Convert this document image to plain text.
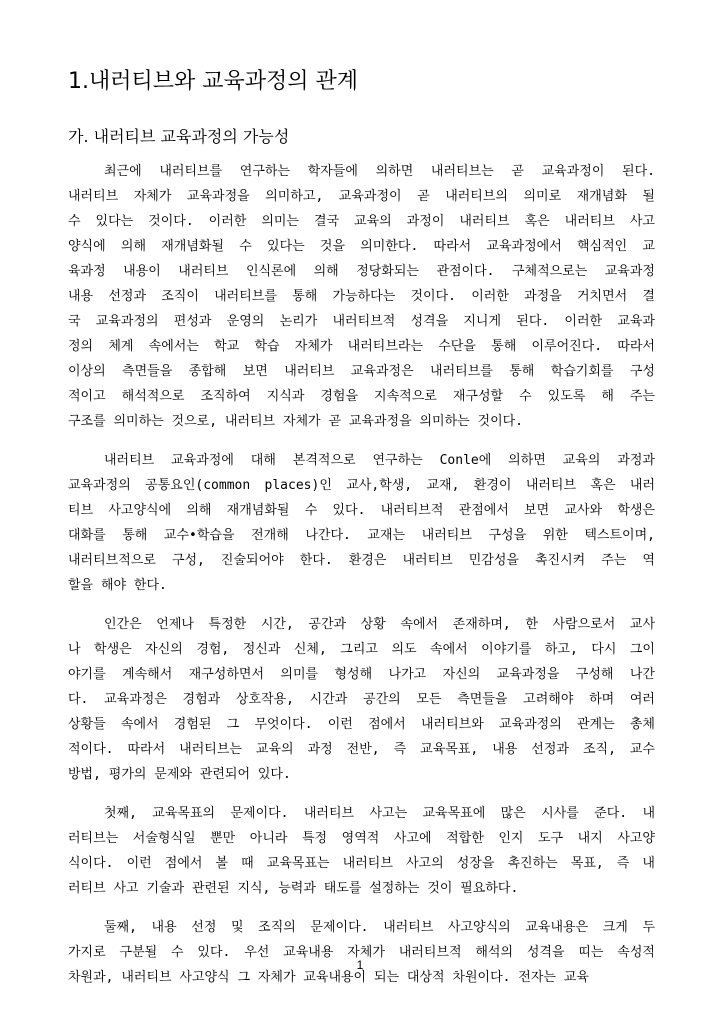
1.내러티브와 교육과정의 관계
가. 내러티브 교육과정의 가능성
최근에 내러티브를 연구하는 학자들에 의하면 내러티브는 곧 교육과정이 된다.
내러티브 자체가 교육과정을 의미하고, 교육과정이 곧 내러티브의 의미로 재개념화 될
수 있다는 것이다. 이러한 의미는 결국 교육의 과정이 내러티브 혹은 내러티브 사고
양식에 의해 재개념화될 수 있다는 것을 의미한다. 따라서 교육과정에서 핵심적인 교
육과정 내용이 내러티브 인식론에 의해 정당화되는 관점이다. 구체적으로는 교육과정
내용 선정과 조직이 내러티브를 통해 가능하다는 것이다. 이러한 과정을 거치면서 결
국 교육과정의 편성과 운영의 논리가 내러티브적 성격을 지니게 된다. 이러한 교육과
정의 체계 속에서는 학교 학습 자체가 내러티브라는 수단을 통해 이루어진다. 따라서
이상의 측면들을 종합해 보면 내러티브 교육과정은 내러티브를 통해 학습기회를 구성
적이고 해석적으로 조직하여 지식과 경험을 지속적으로 재구성할 수 있도록 해 주는
구조를 의미하는 것으로, 내러티브 자체가 곧 교육과정을 의미하는 것이다.
내러티브 교육과정에 대해 본격적으로 연구하는 Conle에 의하면 교육의 과정과
교육과정의 공통요인(common places)인 교사,학생, 교재, 환경이 내러티브 혹은 내러
티브 사고양식에 의해 재개념화될 수 있다. 내러티브적 관점에서 보면 교사와 학생은
대화를 통해 교수•학습을 전개해 나간다. 교재는 내러티브 구성을 위한 텍스트이며,
내러티브적으로 구성, 진술되어야 한다. 환경은 내러티브 민감성을 촉진시켜 주는 역
할을 해야 한다.
인간은 언제나 특정한 시간, 공간과 상황 속에서 존재하며, 한 사람으로서 교사
나 학생은 자신의 경험, 정신과 신체, 그리고 의도 속에서 이야기를 하고, 다시 그이
야기를 계속해서 재구성하면서 의미를 형성해 나가고 자신의 교육과정을 구성해 나간
다. 교육과정은 경험과 상호작용, 시간과 공간의 모든 측면들을 고려해야 하며 여러
상황들 속에서 경험된 그 무엇이다. 이런 점에서 내러티브와 교육과정의 관계는 총체
적이다. 따라서 내러티브는 교육의 과정 전반, 즉 교육목표, 내용 선정과 조직, 교수
방법, 평가의 문제와 관련되어 있다.
첫째, 교육목표의 문제이다. 내러티브 사고는 교육목표에 많은 시사를 준다. 내
러티브는 서술형식일 뿐만 아니라 특정 영역적 사고에 적합한 인지 도구 내지 사고양
식이다. 이런 점에서 볼 때 교육목표는 내러티브 사고의 성장을 촉진하는 목표, 즉 내
러티브 사고 기술과 관련된 지식, 능력과 태도를 설정하는 것이 필요하다.
둘째, 내용 선정 및 조직의 문제이다. 내러티브 사고양식의 교육내용은 크게 두
가지로 구분될 수 있다. 우선 교육내용 자체가 내러티브적 해석의 성격을 띠는 속성적
차원과, 내러티브 사고양식 그 자체가 교육내용이 되는 대상적 차원이다. 전자는 교육
1
